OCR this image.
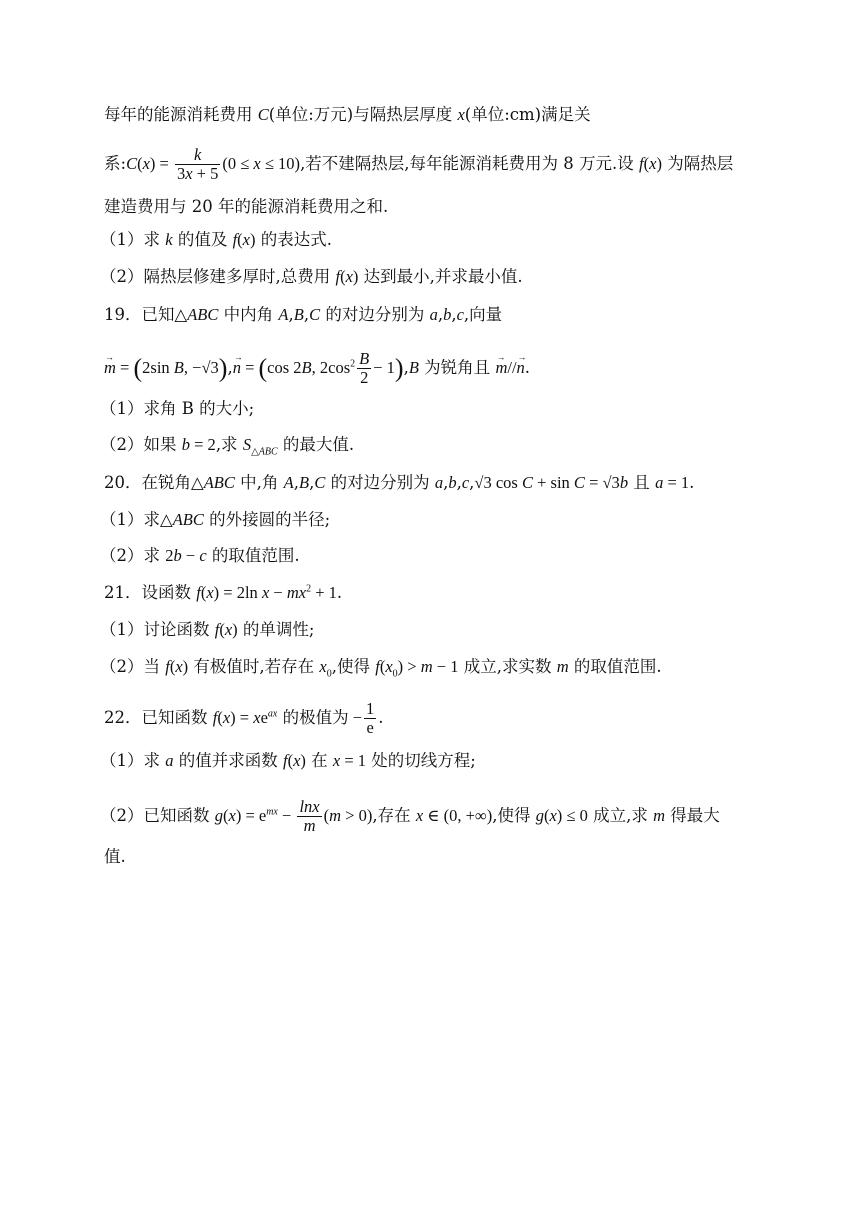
每年的能源消耗费用 C(单位:万元)与隔热层厚度 x(单位:cm)满足关
系:C(x) = $\frac{k}{3x + 5} (0 \le x \le 10)$,若不建隔热层,每年能源消耗费用为 8 万元.设 f(x) 为隔热层
建造费用与 20 年的能源消耗费用之和.
（1）求 k 的值及 f(x) 的表达式.
（2）隔热层修建多厚时,总费用 f(x) 达到最小,并求最小值.
19．已知△ABC 中内角 A,B,C 的对边分别为 a,b,c,向量
→ m = (2sin B, −√3),→ n = (cos 2B, $2\cos^2 \frac{B}{2} - 1),B$ 为锐角且 → m//→ n.
（1）求角 B 的大小;
（2）如果 b = 2,求 $S_{\triangle ABC}$ 的最大值.
20．在锐角△ABC 中,角 A,B,C 的对边分别为 a,b,c,√3 cos C + sin C = √3b 且 a = 1.
（1）求△ABC 的外接圆的半径;
（2）求 2b − c 的取值范围.
21．设函数 f(x) = 2ln $x - mx^2 + 1$.
（1）讨论函数 f(x) 的单调性;
（2）当 f(x) 有极值时,若存在 $x_0$,使得 $f(x_0) > m - 1$ 成立,求实数 m 的取值范围.
22．已知函数 $f(x) = xe^{ax}$ 的极值为 − $\frac{1}{e}$ .
（1）求 a 的值并求函数 f(x) 在 x = 1 处的切线方程;
（2）已知函数 $g(x) = e^{mx} - \frac{\ln x}{m} (m > 0)$,存在 x ∈ (0, +∞),使得 g(x) ≤ 0 成立,求 m 得最大
值.
